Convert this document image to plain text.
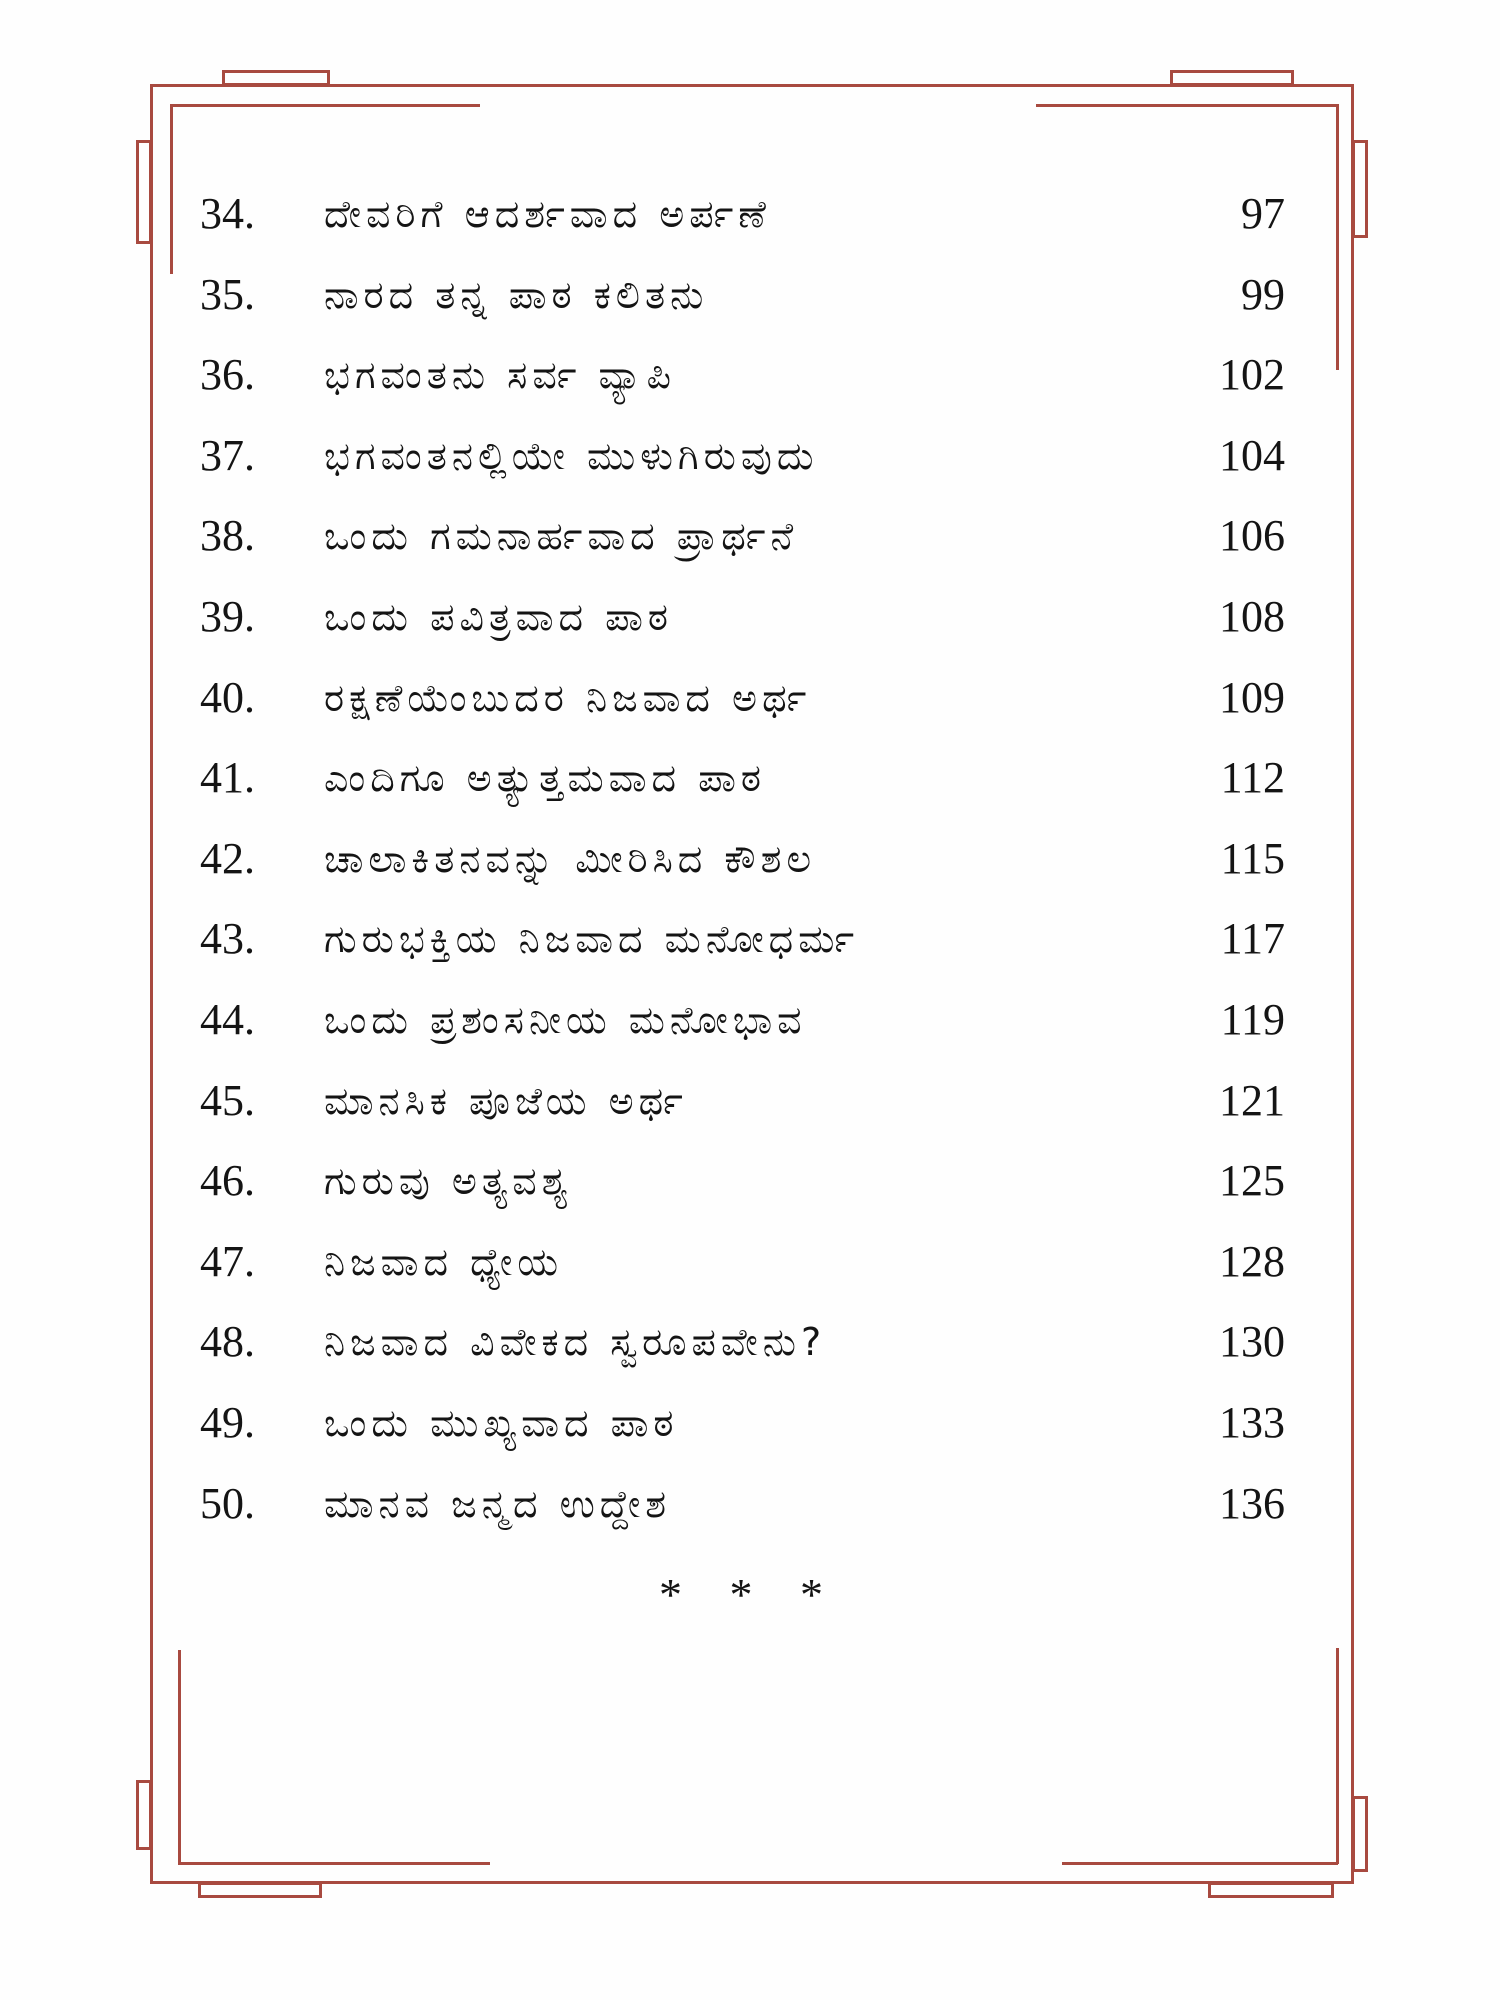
34. ದೇವರಿಗೆ ಆದರ್ಶವಾದ ಅರ್ಪಣೆ	97
35. ನಾರದ ತನ್ನ ಪಾಠ ಕಲಿತನು	99
36. ಭಗವಂತನು ಸರ್ವ ವ್ಯಾಪಿ	102
37. ಭಗವಂತನಲ್ಲಿಯೇ ಮುಳುಗಿರುವುದು	104
38. ಒಂದು ಗಮನಾರ್ಹವಾದ ಪ್ರಾರ್ಥನೆ	106
39. ಒಂದು ಪವಿತ್ರವಾದ ಪಾಠ	108
40. ರಕ್ಷಣೆಯೆಂಬುದರ ನಿಜವಾದ ಅರ್ಥ	109
41. ಎಂದಿಗೂ ಅತ್ಯುತ್ತಮವಾದ ಪಾಠ	112
42. ಚಾಲಾಕಿತನವನ್ನು ಮೀರಿಸಿದ ಕೌಶಲ	115
43. ಗುರುಭಕ್ತಿಯ ನಿಜವಾದ ಮನೋಧರ್ಮ	117
44. ಒಂದು ಪ್ರಶಂಸನೀಯ ಮನೋಭಾವ	119
45. ಮಾನಸಿಕ ಪೂಜೆಯ ಅರ್ಥ	121
46. ಗುರುವು ಅತ್ಯವಶ್ಯ	125
47. ನಿಜವಾದ ಧ್ಯೇಯ	128
48. ನಿಜವಾದ ವಿವೇಕದ ಸ್ವರೂಪವೇನು?	130
49. ಒಂದು ಮುಖ್ಯವಾದ ಪಾಠ	133
50. ಮಾನವ ಜನ್ಮದ ಉದ್ದೇಶ	136
* * *
